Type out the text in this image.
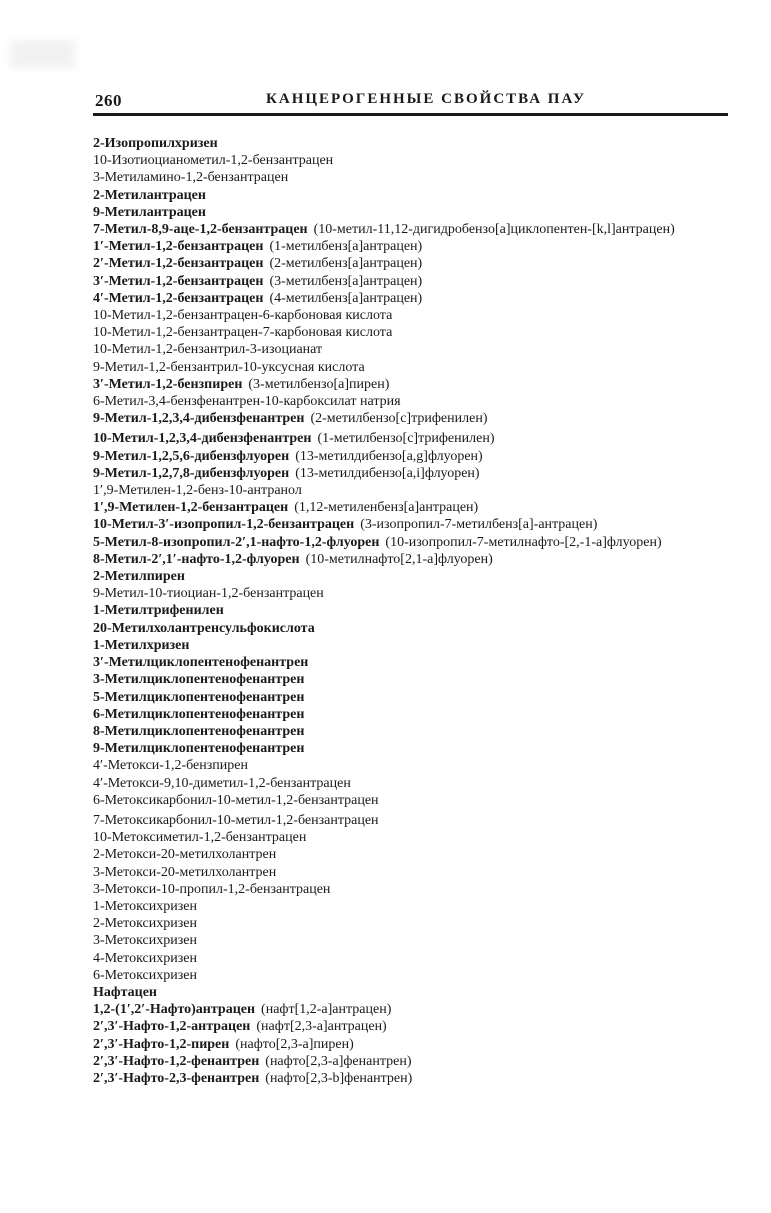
260	КАНЦЕРОГЕННЫЕ СВОЙСТВА ПАУ
2-Изопропилхризен
10-Изотиоцианометил-1,2-бензантрацен
3-Метиламино-1,2-бензантрацен
2-Метилантрацен
9-Метилантрацен
7-Метил-8,9-аце-1,2-бензантрацен (10-метил-11,12-дигидробензо[а]циклопентен-[k,l]антрацен)
1′-Метил-1,2-бензантрацен (1-метилбенз[а]антрацен)
2′-Метил-1,2-бензантрацен (2-метилбенз[а]антрацен)
3′-Метил-1,2-бензантрацен (3-метилбенз[а]антрацен)
4′-Метил-1,2-бензантрацен (4-метилбенз[а]антрацен)
10-Метил-1,2-бензантрацен-6-карбоновая кислота
10-Метил-1,2-бензантрацен-7-карбоновая кислота
10-Метил-1,2-бензантрил-3-изоцианат
9-Метил-1,2-бензантрил-10-уксусная кислота
3′-Метил-1,2-бензпирен (3-метилбензо[а]пирен)
6-Метил-3,4-бензфенантрен-10-карбоксилат натрия
9-Метил-1,2,3,4-дибензфенантрен (2-метилбензо[с]трифенилен)
10-Метил-1,2,3,4-дибензфенантрен (1-метилбензо[с]трифенилен)
9-Метил-1,2,5,6-дибензфлуорен (13-метилдибензо[a,g]флуорен)
9-Метил-1,2,7,8-дибензфлуорен (13-метилдибензо[a,i]флуорен)
1′,9-Метилен-1,2-бенз-10-антранол
1′,9-Метилен-1,2-бензантрацен (1,12-метиленбенз[а]антрацен)
10-Метил-3′-изопропил-1,2-бензантрацен (3-изопропил-7-метилбенз[а]-антрацен)
5-Метил-8-изопропил-2′,1-нафто-1,2-флуорен (10-изопропил-7-метилнафто-[2,-1-а]флуорен)
8-Метил-2′,1′-нафто-1,2-флуорен (10-метилнафто[2,1-а]флуорен)
2-Метилпирен
9-Метил-10-тиоциан-1,2-бензантрацен
1-Метилтрифенилен
20-Метилхолантренсульфокислота
1-Метилхризен
3′-Метилциклопентенофенантрен
3-Метилциклопентенофенантрен
5-Метилциклопентенофенантрен
6-Метилциклопентенофенантрен
8-Метилциклопентенофенантрен
9-Метилциклопентенофенантрен
4′-Метокси-1,2-бензпирен
4′-Метокси-9,10-диметил-1,2-бензантрацен
6-Метоксикарбонил-10-метил-1,2-бензантрацен
7-Метоксикарбонил-10-метил-1,2-бензантрацен
10-Метоксиметил-1,2-бензантрацен
2-Метокси-20-метилхолантрен
3-Метокси-20-метилхолантрен
3-Метокси-10-пропил-1,2-бензантрацен
1-Метоксихризен
2-Метоксихризен
3-Метоксихризен
4-Метоксихризен
6-Метоксихризен
Нафтацен
1,2-(1′,2′-Нафто)антрацен (нафт[1,2-а]антрацен)
2′,3′-Нафто-1,2-антрацен (нафт[2,3-а]антрацен)
2′,3′-Нафто-1,2-пирен (нафто[2,3-а]пирен)
2′,3′-Нафто-1,2-фенантрен (нафто[2,3-а]фенантрен)
2′,3′-Нафто-2,3-фенантрен (нафто[2,3-b]фенантрен)
